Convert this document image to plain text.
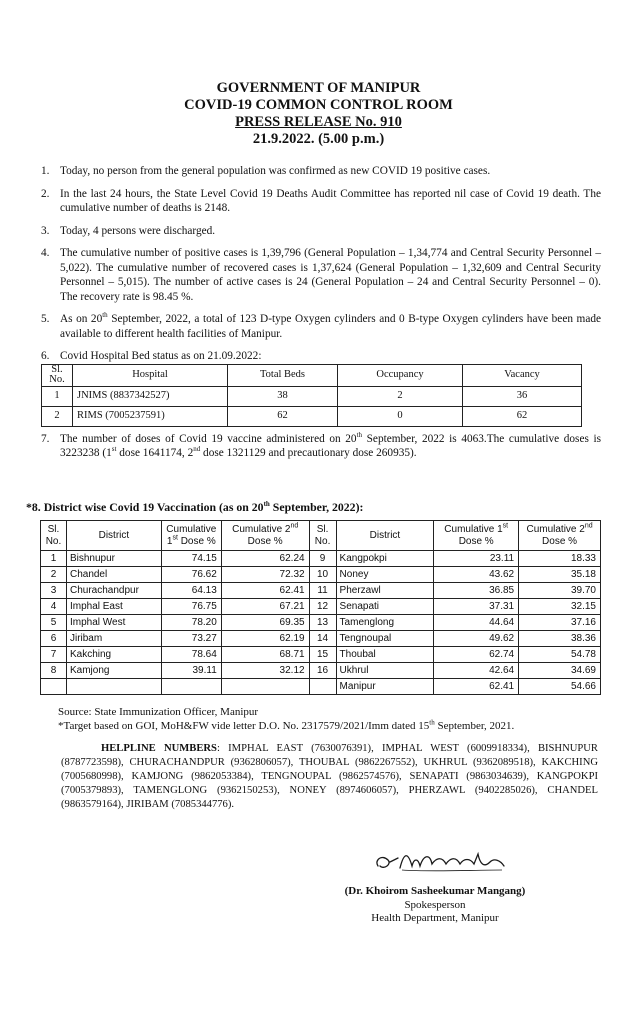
GOVERNMENT OF MANIPUR
COVID-19 COMMON CONTROL ROOM
PRESS RELEASE No. 910
21.9.2022. (5.00 p.m.)
1. Today, no person from the general population was confirmed as new COVID 19 positive cases.
2. In the last 24 hours, the State Level Covid 19 Deaths Audit Committee has reported nil case of Covid 19 death. The cumulative number of deaths is 2148.
3. Today, 4 persons were discharged.
4. The cumulative number of positive cases is 1,39,796 (General Population – 1,34,774 and Central Security Personnel – 5,022). The cumulative number of recovered cases is 1,37,624 (General Population – 1,32,609 and Central Security Personnel – 5,015). The number of active cases is 24 (General Population – 24 and Central Security Personnel – 0). The recovery rate is 98.45 %.
5. As on 20th September, 2022, a total of 123 D-type Oxygen cylinders and 0 B-type Oxygen cylinders have been made available to different health facilities of Manipur.
6. Covid Hospital Bed status as on 21.09.2022:
Sl. No.	Hospital	Total Beds	Occupancy	Vacancy
1	JNIMS (8837342527)	38	2	36
2	RIMS (7005237591)	62	0	62
7. The number of doses of Covid 19 vaccine administered on 20th September, 2022 is 4063.The cumulative doses is 3223238 (1st dose 1641174, 2nd dose 1321129 and precautionary dose 260935).
*8. District wise Covid 19 Vaccination (as on 20th September, 2022):
Sl. No.	District	Cumulative 1st Dose %	Cumulative 2nd Dose %	Sl. No.	District	Cumulative 1st Dose %	Cumulative 2nd Dose %
1	Bishnupur	74.15	62.24	9	Kangpokpi	23.11	18.33
2	Chandel	76.62	72.32	10	Noney	43.62	35.18
3	Churachandpur	64.13	62.41	11	Pherzawl	36.85	39.70
4	Imphal East	76.75	67.21	12	Senapati	37.31	32.15
5	Imphal West	78.20	69.35	13	Tamenglong	44.64	37.16
6	Jiribam	73.27	62.19	14	Tengnoupal	49.62	38.36
7	Kakching	78.64	68.71	15	Thoubal	62.74	54.78
8	Kamjong	39.11	32.12	16	Ukhrul	42.64	34.69
					Manipur	62.41	54.66
Source: State Immunization Officer, Manipur
*Target based on GOI, MoH&FW vide letter D.O. No. 2317579/2021/Imm dated 15th September, 2021.
HELPLINE NUMBERS: IMPHAL EAST (7630076391), IMPHAL WEST (6009918334), BISHNUPUR (8787723598), CHURACHANDPUR (9362806057), THOUBAL (9862267552), UKHRUL (9362089518), KAKCHING (7005680998), KAMJONG (9862053384), TENGNOUPAL (9862574576), SENAPATI (9863034639), KANGPOKPI (7005379893), TAMENGLONG (9362150253), NONEY (8974606057), PHERZAWL (9402285026), CHANDEL (9863579164), JIRIBAM (7085344776).
(Dr. Khoirom Sasheekumar Mangang)
Spokesperson
Health Department, Manipur
